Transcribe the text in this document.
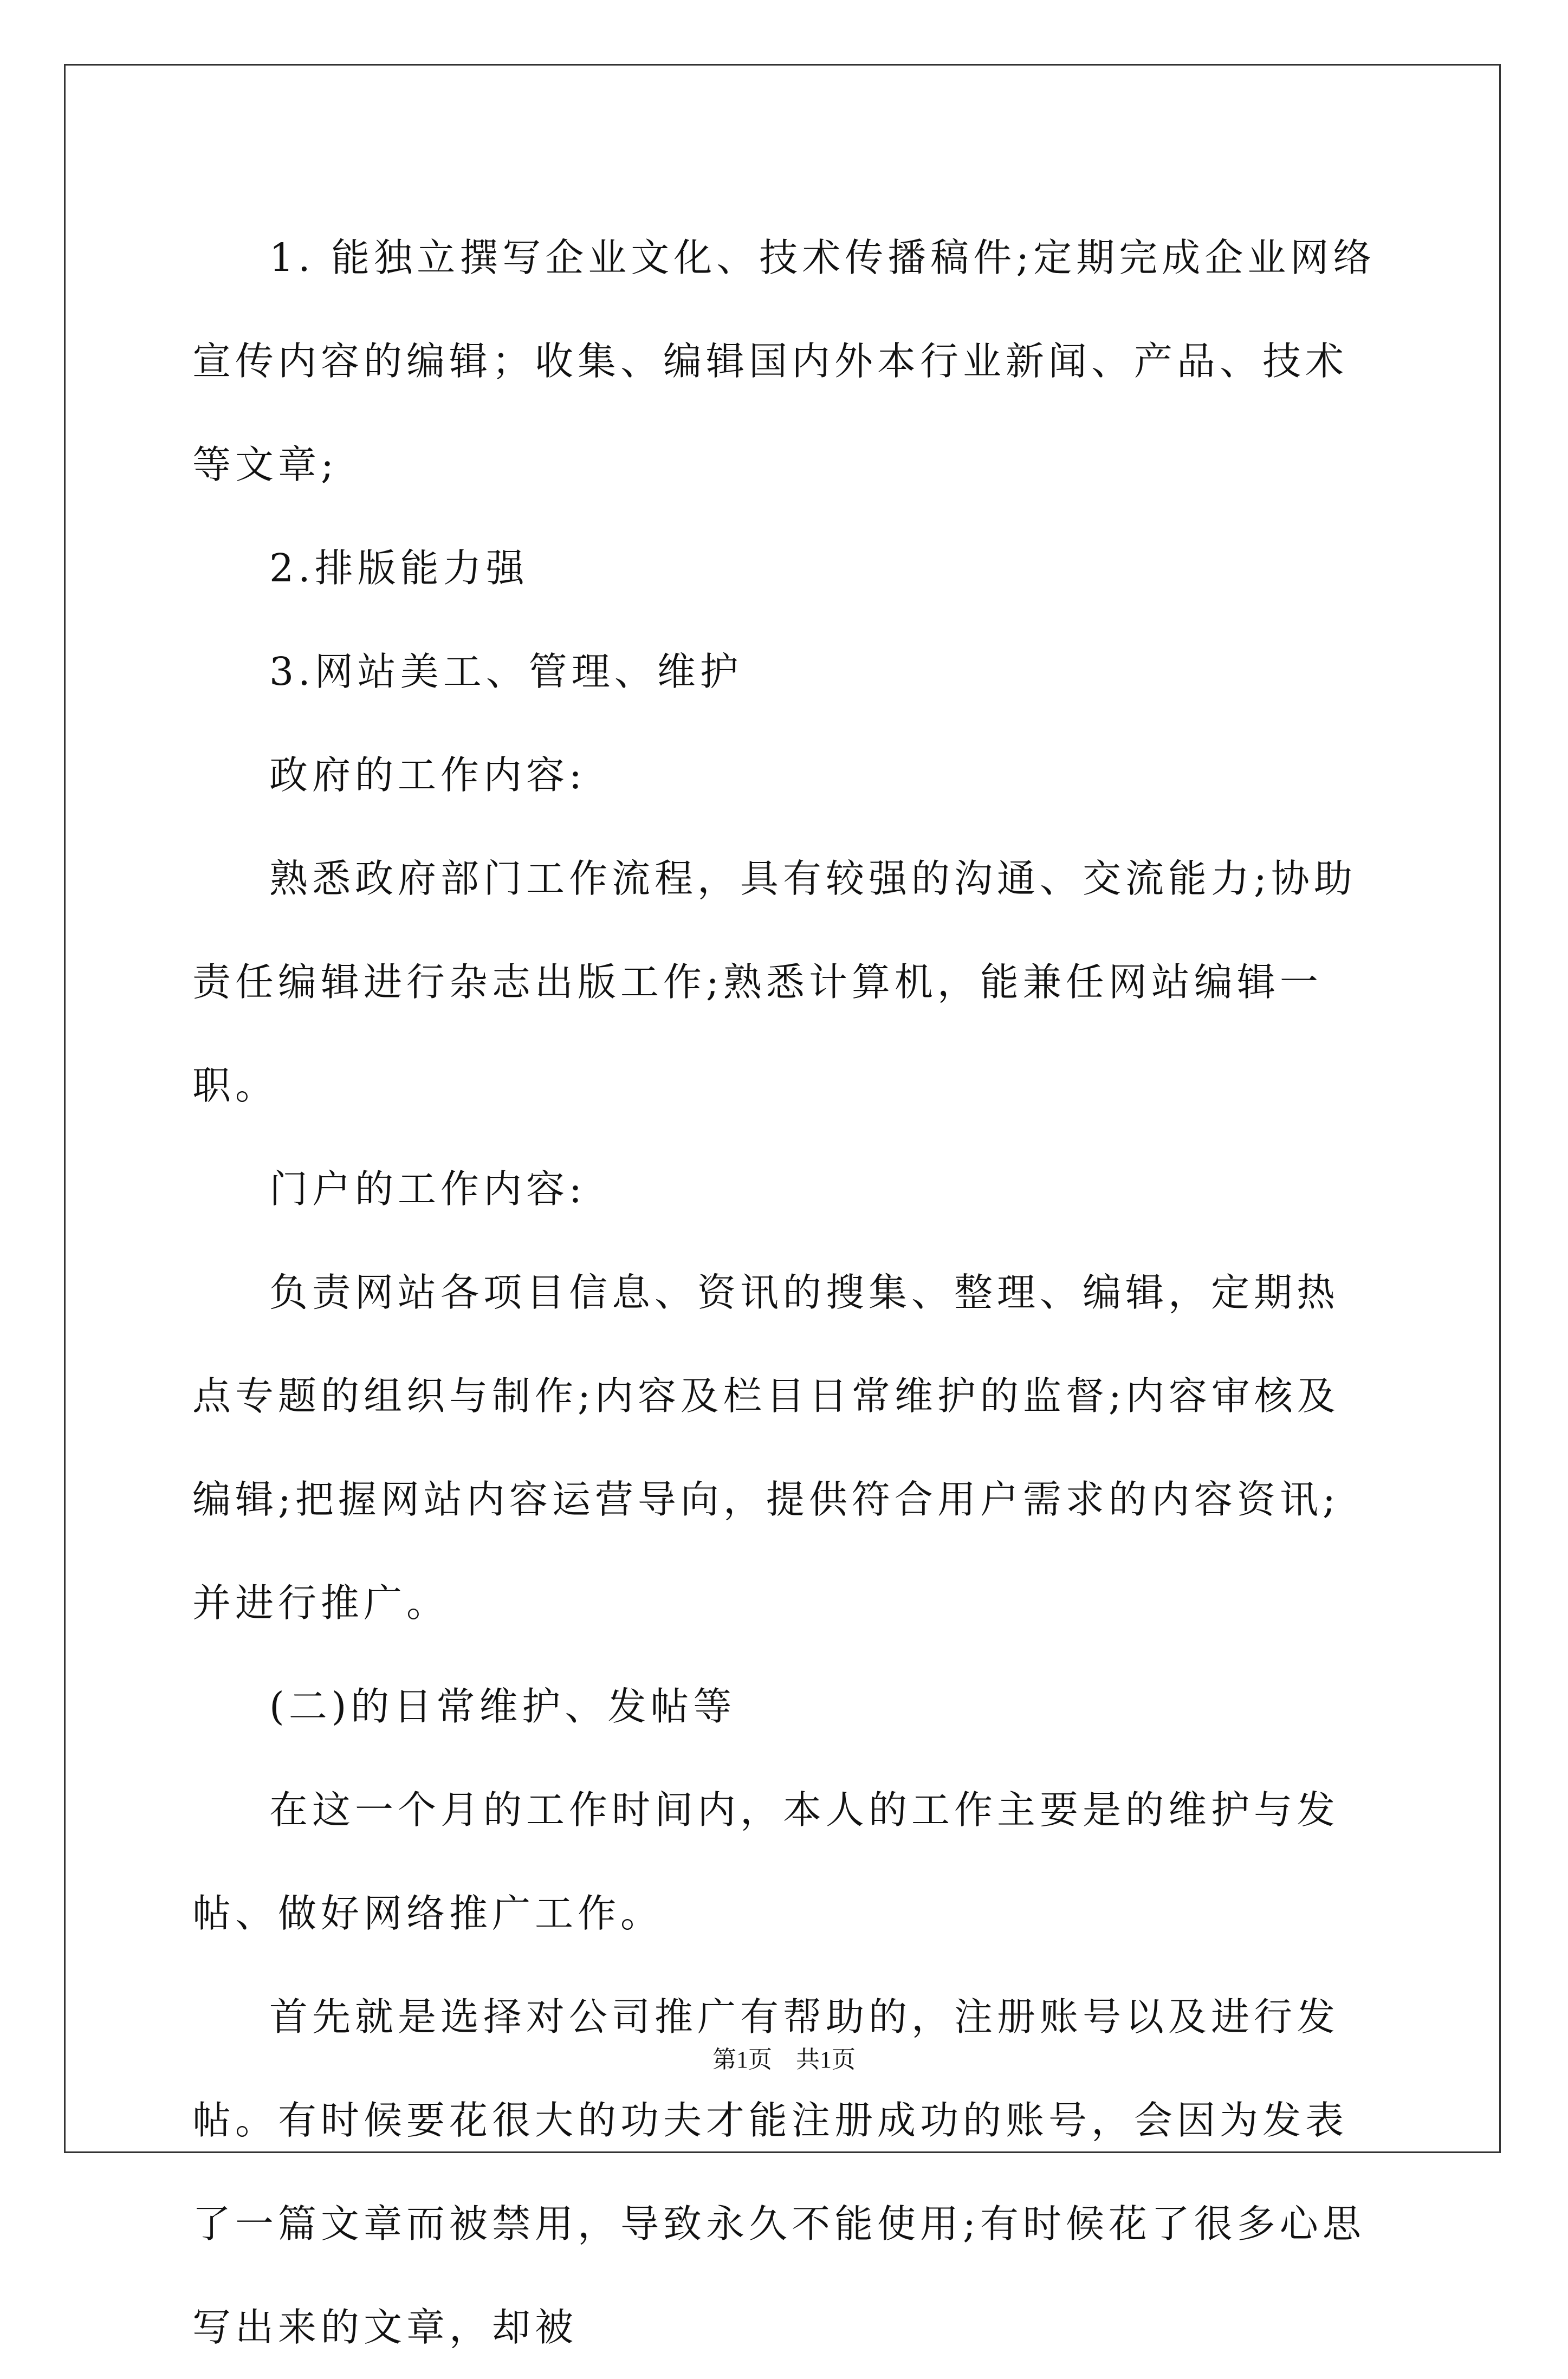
1. 能独立撰写企业文化、技术传播稿件;定期完成企业网络宣传内容的编辑；收集、编辑国内外本行业新闻、产品、技术等文章;

2.排版能力强

3.网站美工、管理、维护

政府的工作内容:

熟悉政府部门工作流程，具有较强的沟通、交流能力;协助责任编辑进行杂志出版工作;熟悉计算机，能兼任网站编辑一职。

门户的工作内容:

负责网站各项目信息、资讯的搜集、整理、编辑，定期热点专题的组织与制作;内容及栏目日常维护的监督;内容审核及编辑;把握网站内容运营导向，提供符合用户需求的内容资讯;并进行推广。

(二)的日常维护、发帖等

在这一个月的工作时间内，本人的工作主要是的维护与发帖、做好网络推广工作。

首先就是选择对公司推广有帮助的，注册账号以及进行发帖。有时候要花很大的功夫才能注册成功的账号，会因为发表了一篇文章而被禁用，导致永久不能使用;有时候花了很多心思写出来的文章，却被

第1页　共1页
